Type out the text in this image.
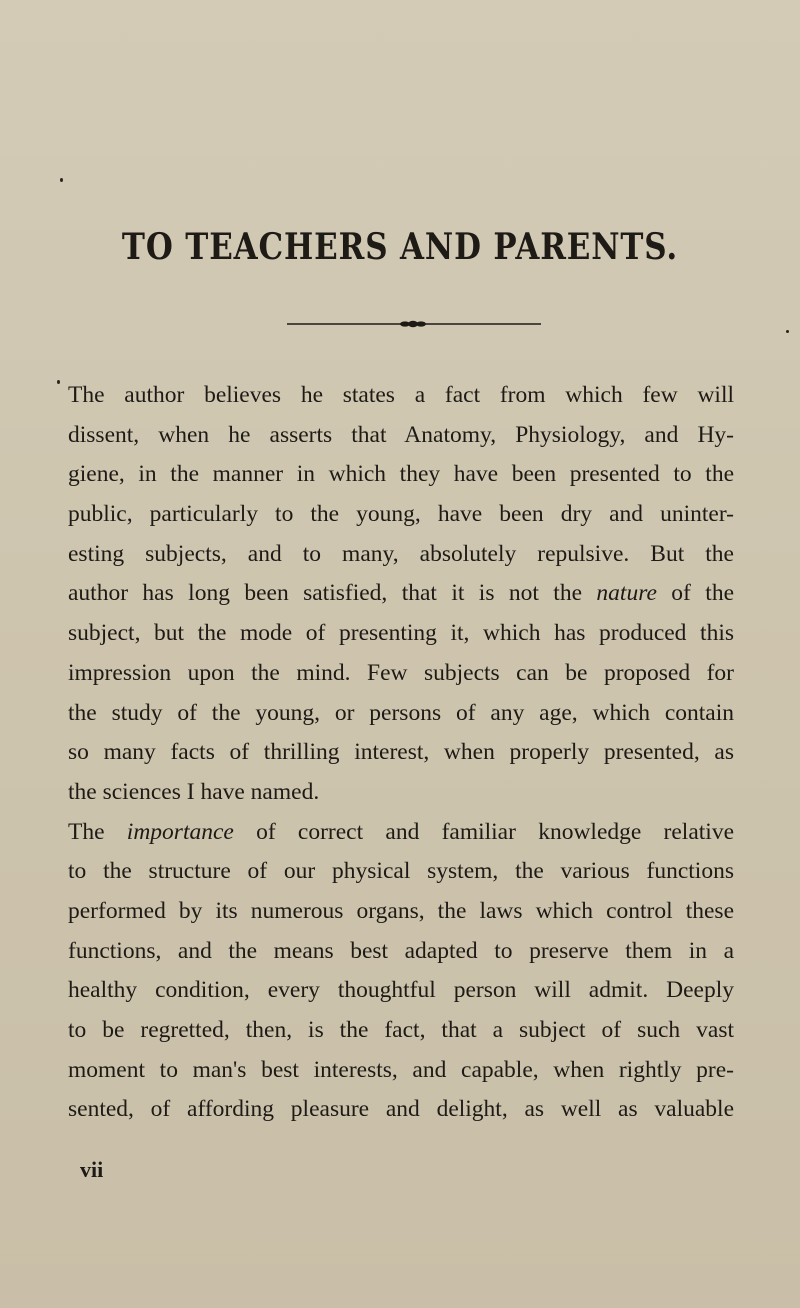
TO TEACHERS AND PARENTS.
The author believes he states a fact from which few will
dissent, when he asserts that Anatomy, Physiology, and Hy-
giene, in the manner in which they have been presented to the
public, particularly to the young, have been dry and uninter-
esting subjects, and to many, absolutely repulsive. But the
author has long been satisfied, that it is not the nature of the
subject, but the mode of presenting it, which has produced this
impression upon the mind. Few subjects can be proposed for
the study of the young, or persons of any age, which contain
so many facts of thrilling interest, when properly presented, as
the sciences I have named.
The importance of correct and familiar knowledge relative
to the structure of our physical system, the various functions
performed by its numerous organs, the laws which control these
functions, and the means best adapted to preserve them in a
healthy condition, every thoughtful person will admit. Deeply
to be regretted, then, is the fact, that a subject of such vast
moment to man's best interests, and capable, when rightly pre-
sented, of affording pleasure and delight, as well as valuable
vii
